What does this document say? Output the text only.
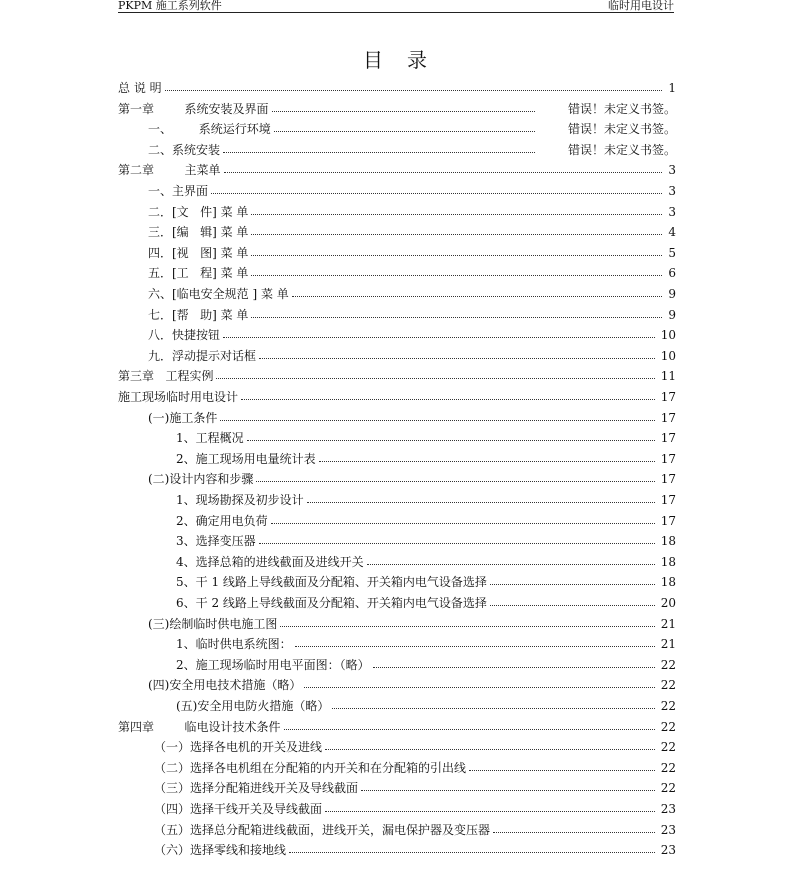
PKPM 施工系列软件	临时用电设计
目录
总 说 明	1
第一章        系统安装及界面	错误！未定义书签。
一、       系统运行环境	错误！未定义书签。
二、系统安装	错误！未定义书签。
第二章        主菜单	3
一、主界面	3
二．[文   件] 菜 单	3
三．[编   辑] 菜 单	4
四．[视   图] 菜 单	5
五．[工   程] 菜 单	6
六、[临电安全规范 ] 菜 单	9
七．[帮   助] 菜 单	9
八．快捷按钮	10
九．浮动提示对话框	10
第三章   工程实例	11
施工现场临时用电设计	17
(一)施工条件	17
1、工程概况	17
2、施工现场用电量统计表	17
(二)设计内容和步骤	17
1、现场勘探及初步设计	17
2、确定用电负荷	17
3、选择变压器	18
4、选择总箱的进线截面及进线开关	18
5、干 1 线路上导线截面及分配箱、开关箱内电气设备选择	18
6、干 2 线路上导线截面及分配箱、开关箱内电气设备选择	20
(三)绘制临时供电施工图	21
1、临时供电系统图：	21
2、施工现场临时用电平面图：（略）	22
(四)安全用电技术措施（略）	22
(五)安全用电防火措施（略）	22
第四章        临电设计技术条件	22
（一）选择各电机的开关及进线	22
（二）选择各电机组在分配箱的内开关和在分配箱的引出线	22
（三）选择分配箱进线开关及导线截面	22
（四）选择干线开关及导线截面	23
（五）选择总分配箱进线截面，进线开关，漏电保护器及变压器	23
（六）选择零线和接地线	23
